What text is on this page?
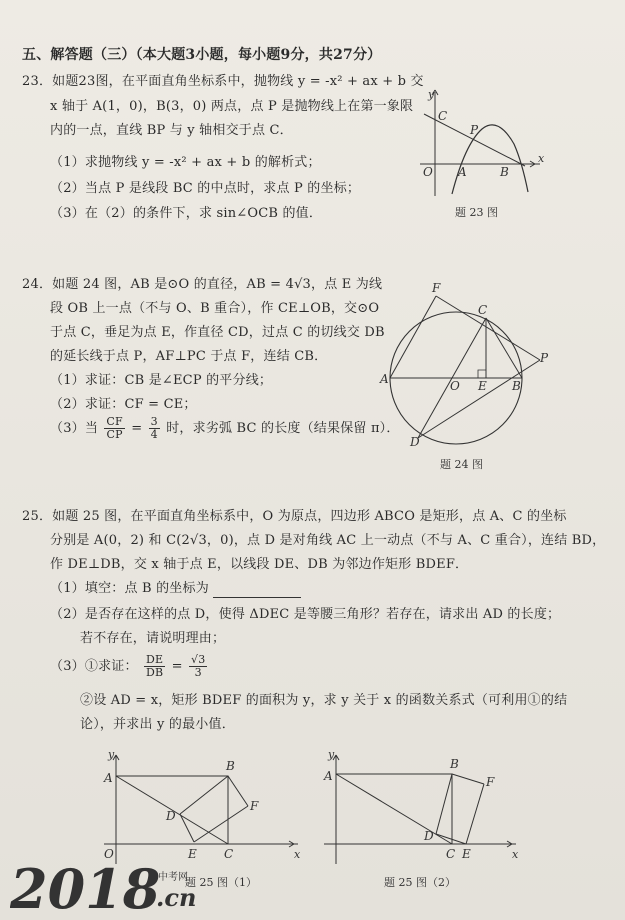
五、解答题（三）（本大题3小题，每小题9分，共27分）
23．如题23图，在平面直角坐标系中，抛物线 y = -x² + ax + b 交
x 轴于 A(1，0)，B(3，0) 两点，点 P 是抛物线上在第一象限
内的一点，直线 BP 与 y 轴相交于点 C．
（1）求抛物线 y = -x² + ax + b 的解析式；
（2）当点 P 是线段 BC 的中点时，求点 P 的坐标；
（3）在（2）的条件下，求 sin∠OCB 的值．
y
x
C
P
O A	B
题 23 图
24．如题 24 图，AB 是⊙O 的直径，AB = 4√3，点 E 为线
段 OB 上一点（不与 O、B 重合），作 CE⊥OB，交⊙O
于点 C，垂足为点 E，作直径 CD，过点 C 的切线交 DB
的延长线于点 P，AF⊥PC 于点 F，连结 CB．
（1）求证：CB 是∠ECP 的平分线；
（2）求证：CF = CE；
（3）当 $\frac{CF}{CP} = \frac{3}{4}$ 时，求劣弧 BC 的长度（结果保留 π）．
F
C
P
A	O E B
D
题 24 图
25．如题 25 图，在平面直角坐标系中，O 为原点，四边形 ABCO 是矩形，点 A、C 的坐标
分别是 A(0，2) 和 C(2√3，0)，点 D 是对角线 AC 上一动点（不与 A、C 重合），连结 BD，
作 DE⊥DB，交 x 轴于点 E，以线段 DE、DB 为邻边作矩形 BDEF．
（1）填空：点 B 的坐标为
（2）是否存在这样的点 D，使得 ΔDEC 是等腰三角形？若存在，请求出 AD 的长度；
若不存在，请说明理由；
（3）①求证： $\frac{DE}{DB} = \frac{√3}{3}$
②设 AD = x，矩形 BDEF 的面积为 y，求 y 关于 x 的函数关系式（可利用①的结
论），并求出 y 的最小值．
y
A
B
F
D
O	E C	x
题 25 图（1）
y
A
B
F
D
C E	x
题 25 图（2）
2018
中考网
.cn
